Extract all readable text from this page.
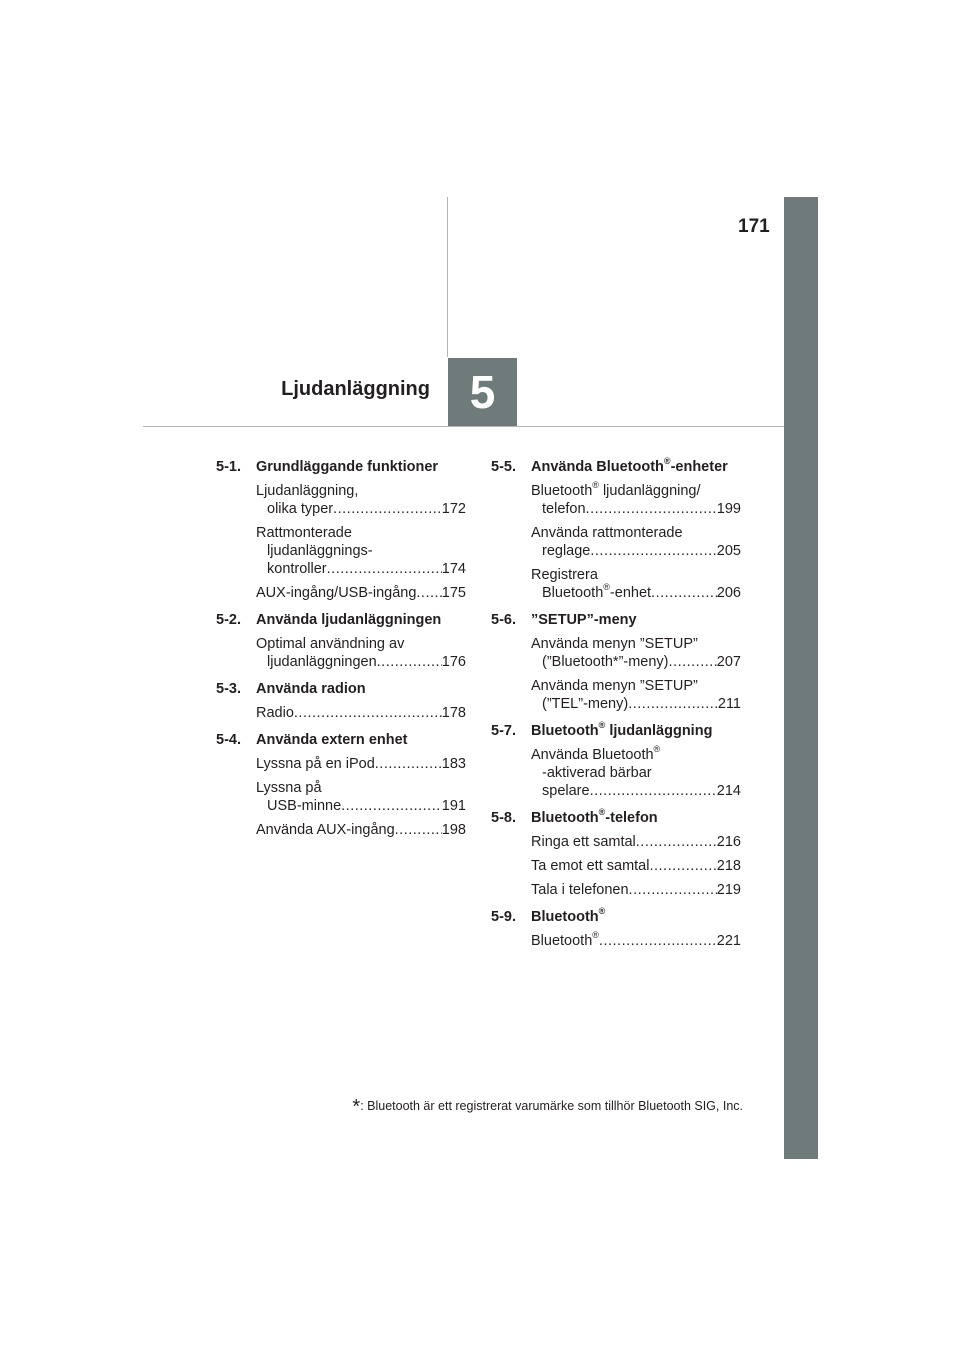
171
5
Ljudanläggning
5-1.	Grundläggande funktioner
Ljudanläggning,
olika typer .....	172
Rattmonterade
ljudanläggnings-
kontroller .....	174
AUX-ingång/USB-ingång ..... 175
5-2.	Använda ljudanläggningen
Optimal användning av
ljudanläggningen .....	176
5-3.	Använda radion
Radio .....	178
5-4.	Använda extern enhet
Lyssna på en iPod .....	183
Lyssna på
USB-minne .....	191
Använda AUX-ingång .....	198
5-5.	Använda Bluetooth®-enheter
Bluetooth® ljudanläggning/
telefon .....	199
Använda rattmonterade
reglage .....	205
Registrera
Bluetooth®-enhet .....	206
5-6.	”SETUP”-meny
Använda menyn ”SETUP”
(”Bluetooth*”-meny) .....	207
Använda menyn ”SETUP”
(”TEL”-meny) .....	211
5-7.	Bluetooth® ljudanläggning
Använda Bluetooth®
-aktiverad bärbar
spelare .....	214
5-8.	Bluetooth®-telefon
Ringa ett samtal .....	216
Ta emot ett samtal .....	218
Tala i telefonen .....	219
5-9.	Bluetooth®
Bluetooth® .....	221
*: Bluetooth är ett registrerat varumärke som tillhör Bluetooth SIG, Inc.
